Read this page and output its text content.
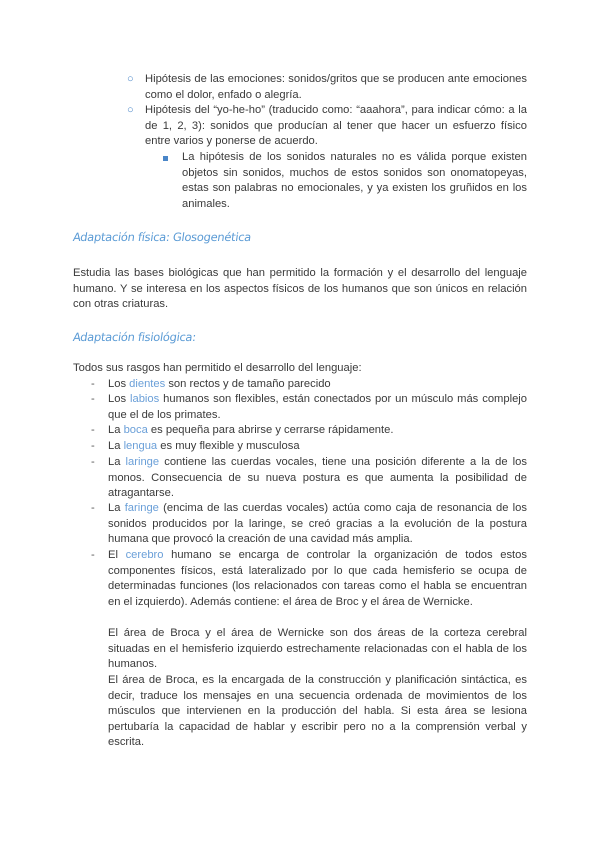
○ Hipótesis de las emociones: sonidos/gritos que se producen ante emociones como el dolor, enfado o alegría.
○ Hipótesis del “yo-he-ho” (traducido como: “aaahora”, para indicar cómo: a la de 1, 2, 3): sonidos que producían al tener que hacer un esfuerzo físico entre varios y ponerse de acuerdo.
La hipótesis de los sonidos naturales no es válida porque existen objetos sin sonidos, muchos de estos sonidos son onomatopeyas, estas son palabras no emocionales, y ya existen los gruñidos en los animales.
Adaptación física: Glosogenética
Estudia las bases biológicas que han permitido la formación y el desarrollo del lenguaje humano. Y se interesa en los aspectos físicos de los humanos que son únicos en relación con otras criaturas.
Adaptación fisiológica:
Todos sus rasgos han permitido el desarrollo del lenguaje:
- Los dientes son rectos y de tamaño parecido
- Los labios humanos son flexibles, están conectados por un músculo más complejo que el de los primates.
- La boca es pequeña para abrirse y cerrarse rápidamente.
- La lengua es muy flexible y musculosa
- La laringe contiene las cuerdas vocales, tiene una posición diferente a la de los monos. Consecuencia de su nueva postura es que aumenta la posibilidad de atragantarse.
- La faringe (encima de las cuerdas vocales) actúa como caja de resonancia de los sonidos producidos por la laringe, se creó gracias a la evolución de la postura humana que provocó la creación de una cavidad más amplia.
- El cerebro humano se encarga de controlar la organización de todos estos componentes físicos, está lateralizado por lo que cada hemisferio se ocupa de determinadas funciones (los relacionados con tareas como el habla se encuentran en el izquierdo). Además contiene: el área de Broc y el área de Wernicke.
El área de Broca y el área de Wernicke son dos áreas de la corteza cerebral situadas en el hemisferio izquierdo estrechamente relacionadas con el habla de los humanos.
El área de Broca, es la encargada de la construcción y planificación sintáctica, es decir, traduce los mensajes en una secuencia ordenada de movimientos de los músculos que intervienen en la producción del habla. Si esta área se lesiona pertubaría la capacidad de hablar y escribir pero no a la comprensión verbal y escrita.
